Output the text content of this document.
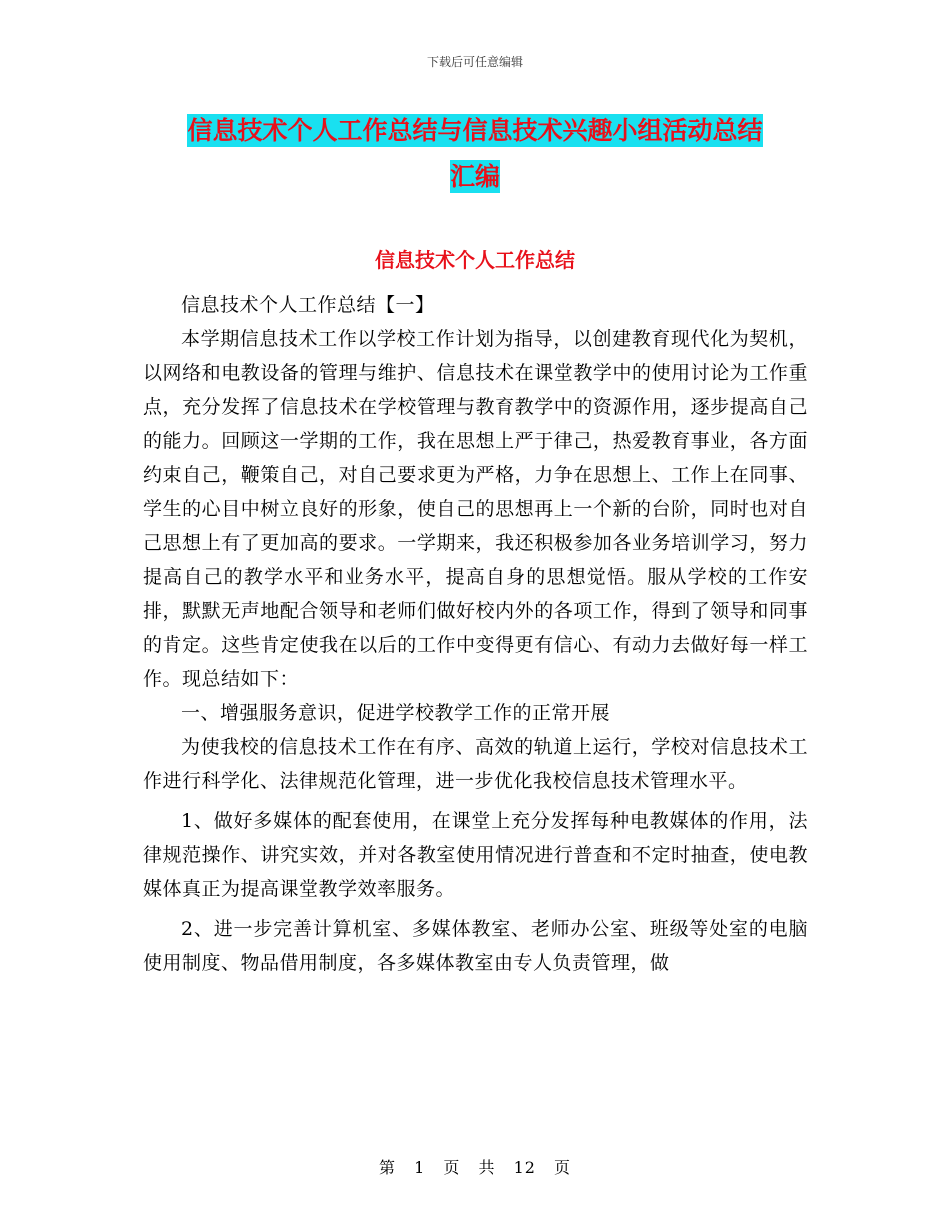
下载后可任意编辑
信息技术个人工作总结与信息技术兴趣小组活动总结
汇编
信息技术个人工作总结

信息技术个人工作总结【一】

本学期信息技术工作以学校工作计划为指导，以创建教育现代化为契机，以网络和电教设备的管理与维护、信息技术在课堂教学中的使用讨论为工作重点，充分发挥了信息技术在学校管理与教育教学中的资源作用，逐步提高自己的能力。回顾这一学期的工作，我在思想上严于律己，热爱教育事业，各方面约束自己，鞭策自己，对自己要求更为严格，力争在思想上、工作上在同事、学生的心目中树立良好的形象，使自己的思想再上一个新的台阶，同时也对自己思想上有了更加高的要求。一学期来，我还积极参加各业务培训学习，努力提高自己的教学水平和业务水平，提高自身的思想觉悟。服从学校的工作安排，默默无声地配合领导和老师们做好校内外的各项工作，得到了领导和同事的肯定。这些肯定使我在以后的工作中变得更有信心、有动力去做好每一样工作。现总结如下：

一、增强服务意识，促进学校教学工作的正常开展

为使我校的信息技术工作在有序、高效的轨道上运行，学校对信息技术工作进行科学化、法律规范化管理，进一步优化我校信息技术管理水平。

1、做好多媒体的配套使用，在课堂上充分发挥每种电教媒体的作用，法律规范操作、讲究实效，并对各教室使用情况进行普查和不定时抽查，使电教媒体真正为提高课堂教学效率服务。

2、进一步完善计算机室、多媒体教室、老师办公室、班级等处室的电脑使用制度、物品借用制度，各多媒体教室由专人负责管理，做

第 1 页 共 12 页
